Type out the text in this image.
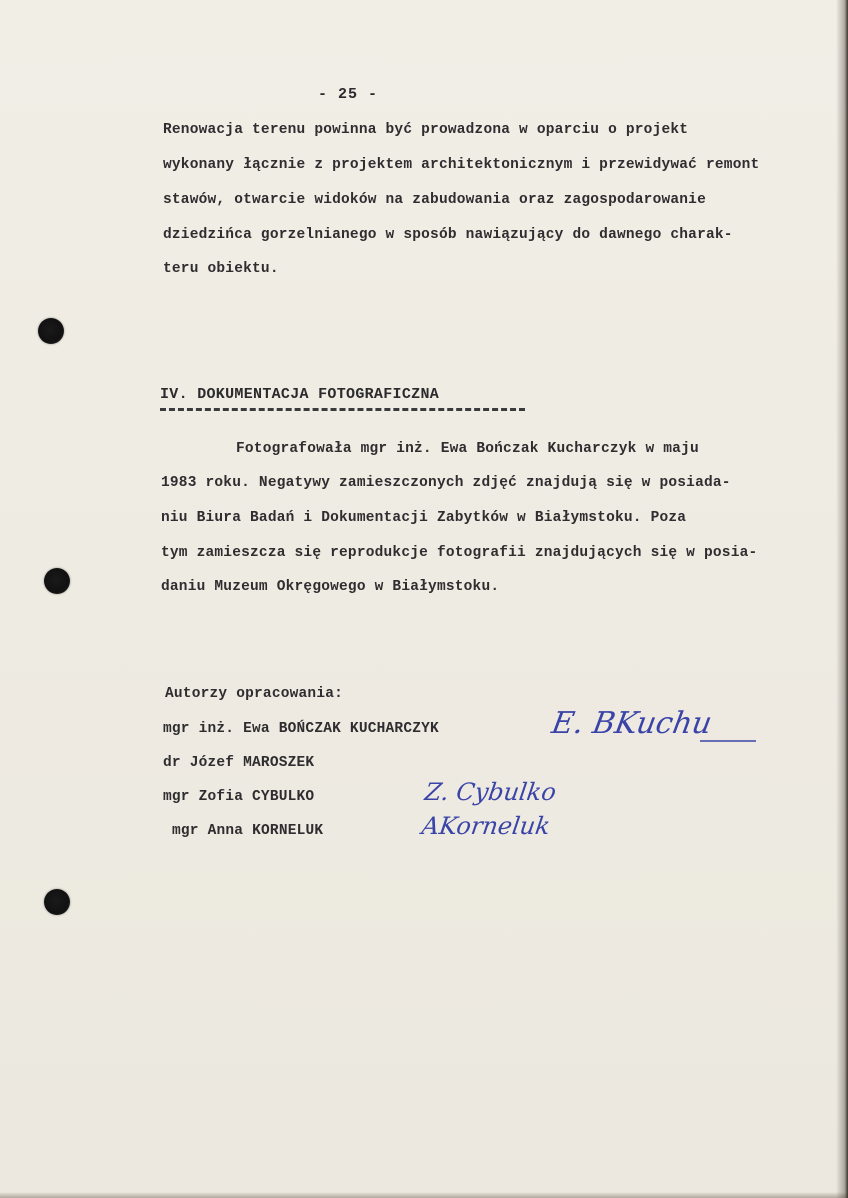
- 25 -

Renowacja terenu powinna być prowadzona w oparciu o projekt

wykonany łącznie z projektem architektonicznym i przewidywać remont

stawów, otwarcie widoków na zabudowania oraz zagospodarowanie

dziedzińca gorzelnianego w sposób nawiązujący do dawnego charak-

teru obiektu.

IV. DOKUMENTACJA FOTOGRAFICZNA

Fotografowała mgr inż. Ewa Bończak Kucharczyk w maju

1983 roku. Negatywy zamieszczonych zdjęć znajdują się w posiada-

niu Biura Badań i Dokumentacji Zabytków w Białymstoku. Poza

tym zamieszcza się reprodukcje fotografii znajdujących się w posia-

daniu Muzeum Okręgowego w Białymstoku.

Autorzy opracowania:

mgr inż. Ewa BOŃCZAK KUCHARCZYK

dr Józef MAROSZEK

mgr Zofia CYBULKO

mgr Anna KORNELUK

E. BKuchu
Z. Cybulko
AKorneluk
